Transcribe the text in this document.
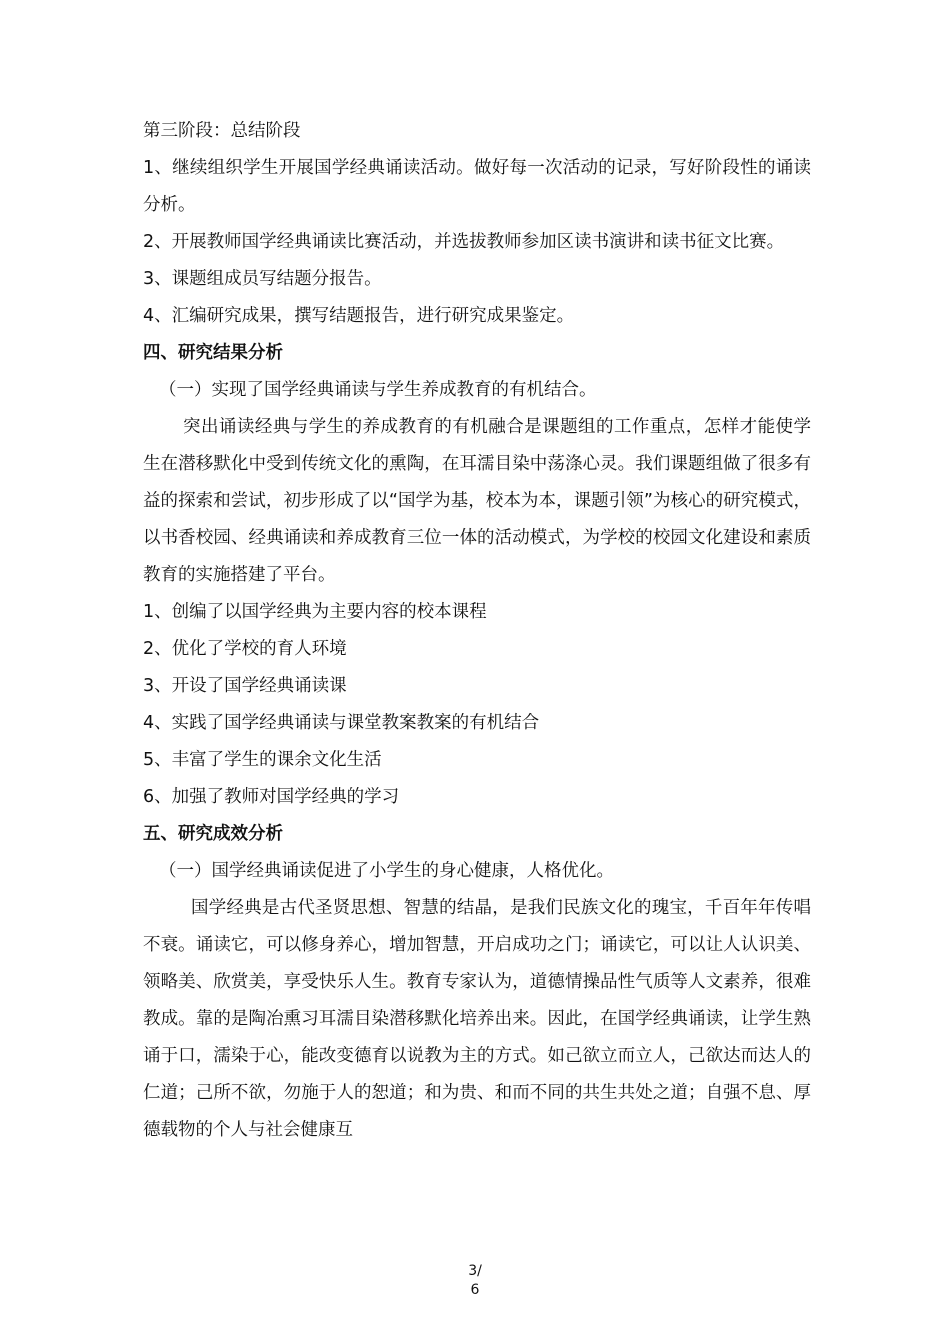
第三阶段：总结阶段

1、继续组织学生开展国学经典诵读活动。做好每一次活动的记录，写好阶段性的诵读分析。

2、开展教师国学经典诵读比赛活动，并选拔教师参加区读书演讲和读书征文比赛。

3、课题组成员写结题分报告。
4、汇编研究成果，撰写结题报告，进行研究成果鉴定。
四、研究结果分析
（一）实现了国学经典诵读与学生养成教育的有机结合。

突出诵读经典与学生的养成教育的有机融合是课题组的工作重点，怎样才能使学生在潜移默化中受到传统文化的熏陶，在耳濡目染中荡涤心灵。我们课题组做了很多有益的探索和尝试，初步形成了以“国学为基，校本为本，课题引领”为核心的研究模式，以书香校园、经典诵读和养成教育三位一体的活动模式，为学校的校园文化建设和素质教育的实施搭建了平台。

1、创编了以国学经典为主要内容的校本课程
2、优化了学校的育人环境
3、开设了国学经典诵读课
4、实践了国学经典诵读与课堂教案教案的有机结合
5、丰富了学生的课余文化生活
6、加强了教师对国学经典的学习
五、研究成效分析
（一）国学经典诵读促进了小学生的身心健康，人格优化。

国学经典是古代圣贤思想、智慧的结晶，是我们民族文化的瑰宝，千百年年传唱不衰。诵读它，可以修身养心，增加智慧，开启成功之门；诵读它，可以让人认识美、领略美、欣赏美，享受快乐人生。教育专家认为，道德情操品性气质等人文素养，很难教成。靠的是陶冶熏习耳濡目染潜移默化培养出来。因此，在国学经典诵读，让学生熟诵于口，濡染于心，能改变德育以说教为主的方式。如己欲立而立人，己欲达而达人的仁道；己所不欲，勿施于人的恕道；和为贵、和而不同的共生共处之道；自强不息、厚德载物的个人与社会健康互

3/
6
